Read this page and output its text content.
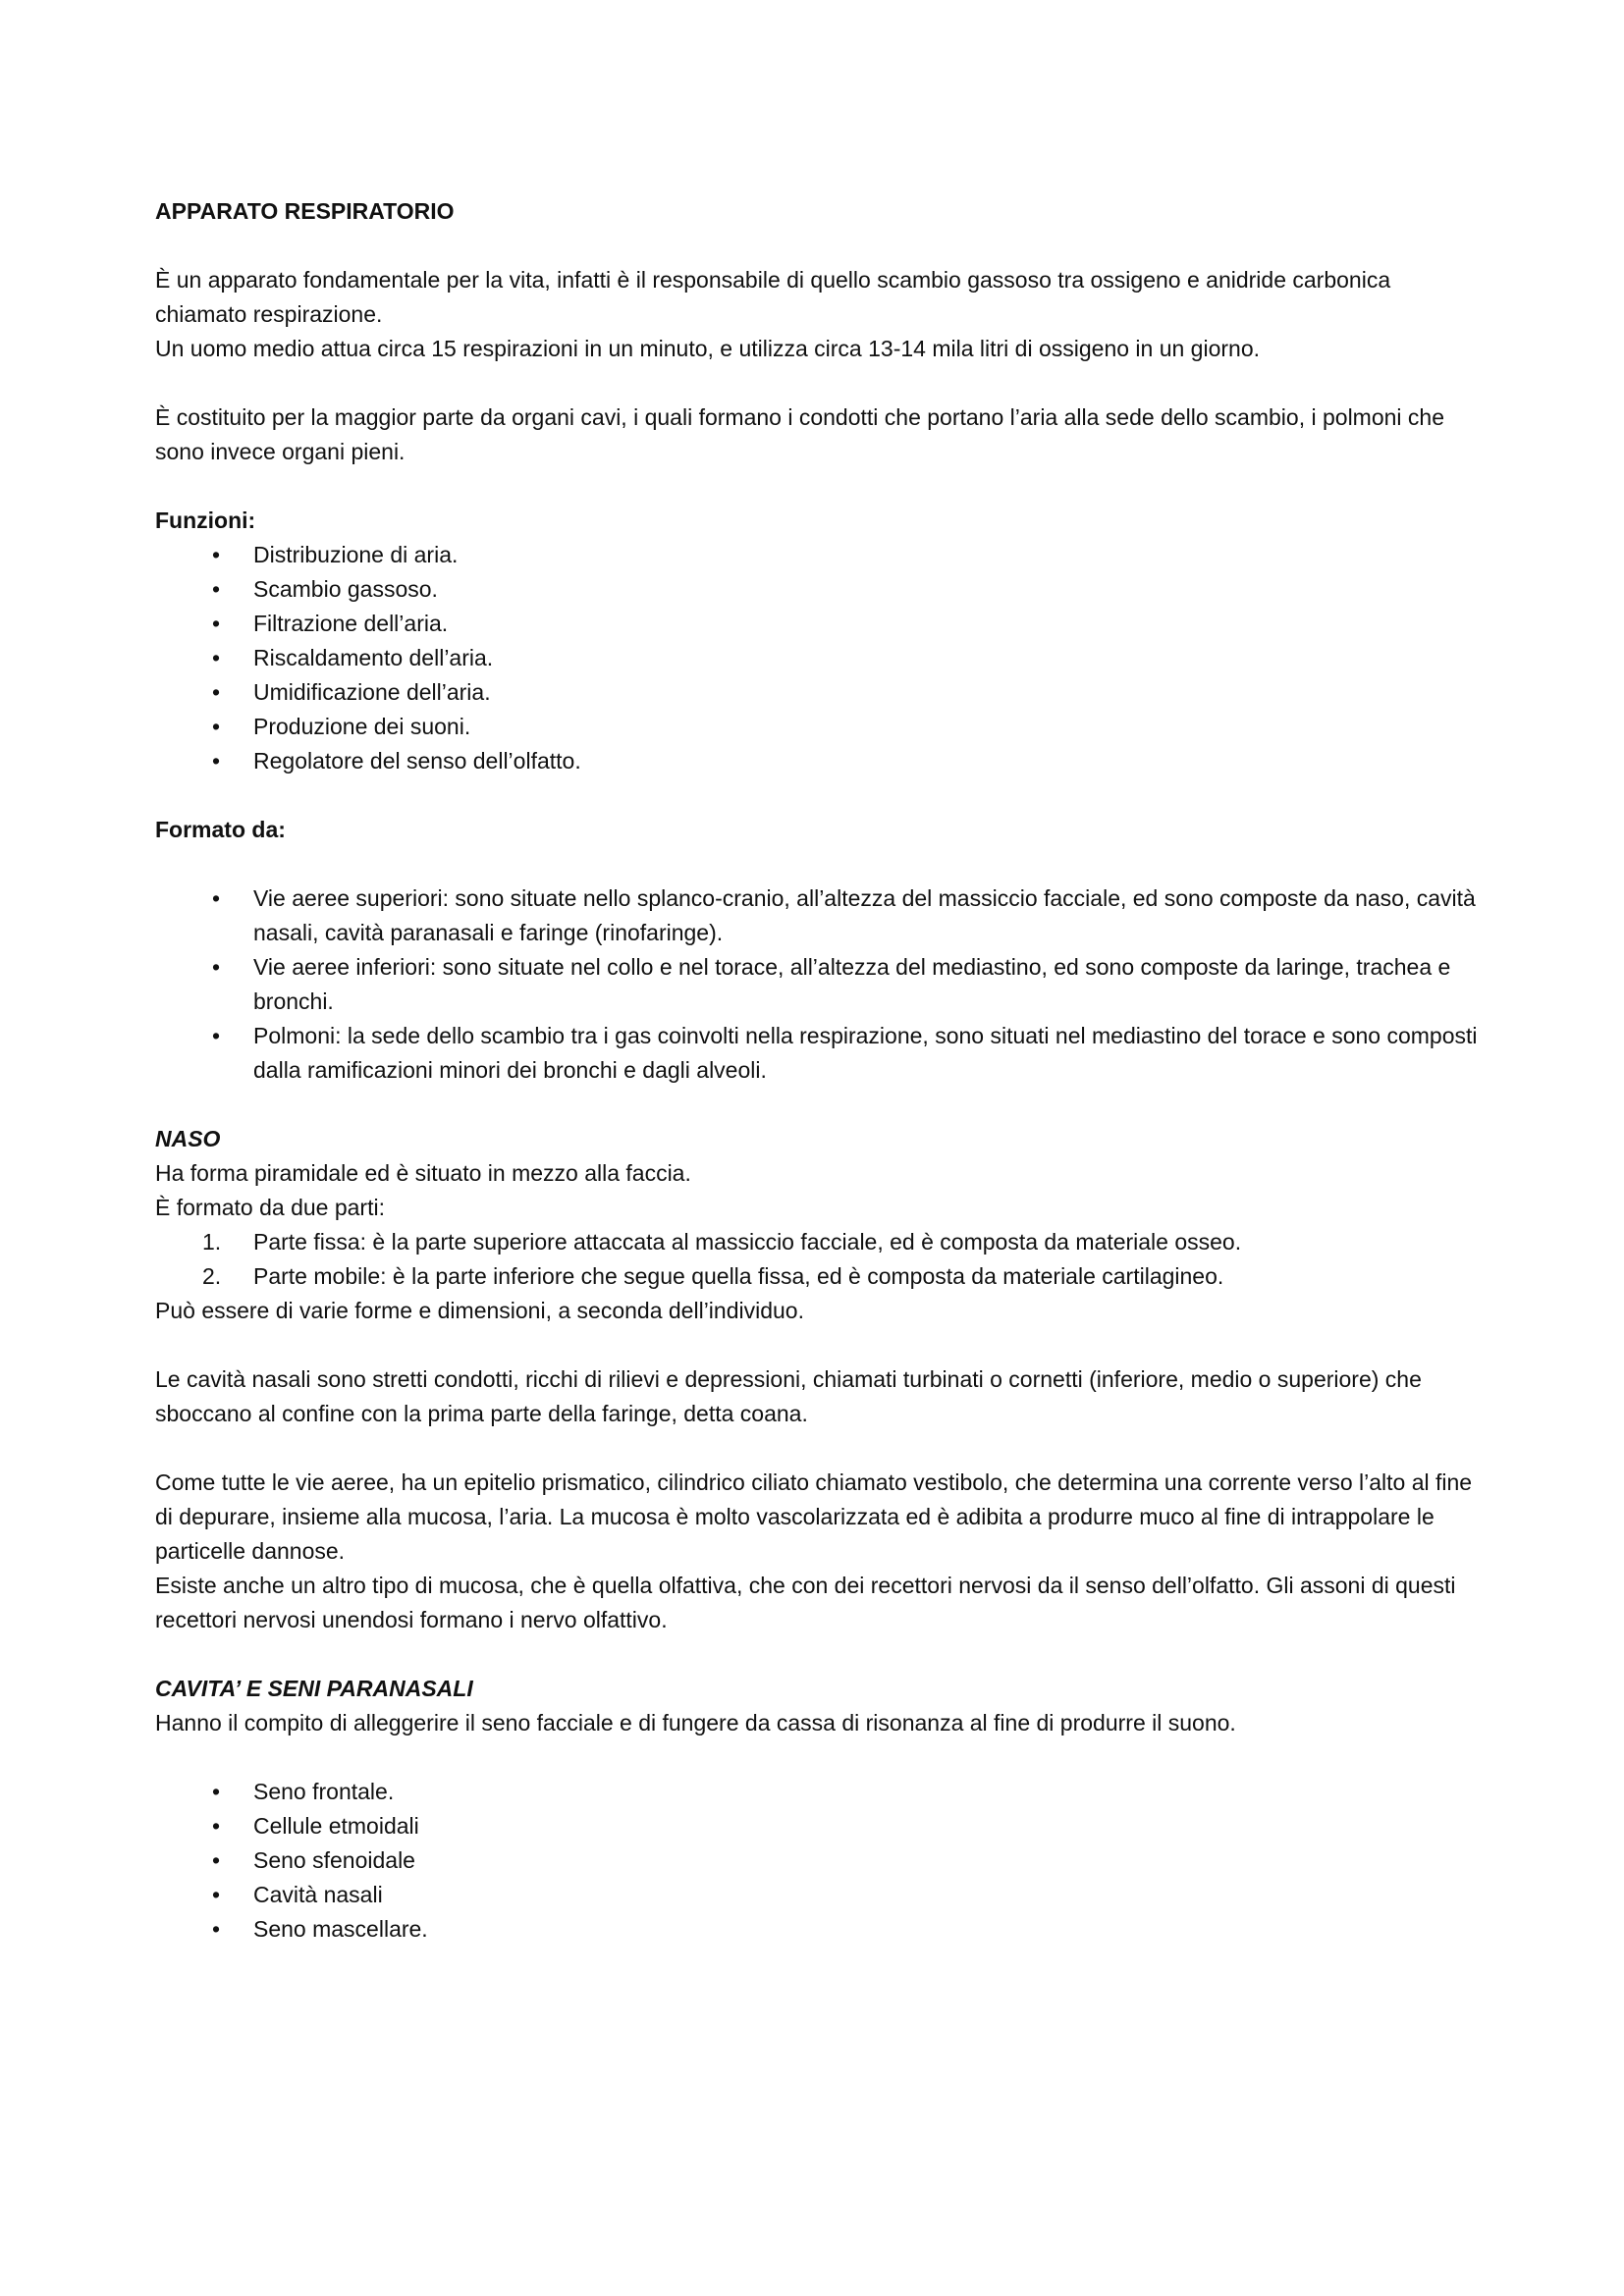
APPARATO RESPIRATORIO

È un apparato fondamentale per la vita, infatti è il responsabile di quello scambio gassoso tra ossigeno e anidride carbonica chiamato respirazione.

Un uomo medio attua circa 15 respirazioni in un minuto, e utilizza circa 13-14 mila litri di ossigeno in un giorno.

È costituito per la maggior parte da organi cavi, i quali formano i condotti che portano l’aria alla sede dello scambio, i polmoni che sono invece organi pieni.

Funzioni:

• Distribuzione di aria.
• Scambio gassoso.
• Filtrazione dell’aria.
• Riscaldamento dell’aria.
• Umidificazione dell’aria.
• Produzione dei suoni.
• Regolatore del senso dell’olfatto.

Formato da:

• Vie aeree superiori: sono situate nello splanco-cranio, all’altezza del massiccio facciale, ed sono composte da naso, cavità nasali, cavità paranasali e faringe (rinofaringe).
• Vie aeree inferiori: sono situate nel collo e nel torace, all’altezza del mediastino, ed sono composte da laringe, trachea e bronchi.
• Polmoni: la sede dello scambio tra i gas coinvolti nella respirazione, sono situati nel mediastino del torace e sono composti dalla ramificazioni minori dei bronchi e dagli alveoli.

NASO

Ha forma piramidale ed è situato in mezzo alla faccia.

È formato da due parti:

1.	Parte fissa: è la parte superiore attaccata al massiccio facciale, ed è composta da materiale osseo.
2.	Parte mobile: è la parte inferiore che segue quella fissa, ed è composta da materiale cartilagineo.

Può essere di varie forme e dimensioni, a seconda dell’individuo.

Le cavità nasali sono stretti condotti, ricchi di rilievi e depressioni, chiamati turbinati o cornetti (inferiore, medio o superiore) che sboccano al confine con la prima parte della faringe, detta coana.

Come tutte le vie aeree, ha un epitelio prismatico, cilindrico ciliato chiamato vestibolo, che determina una corrente verso l’alto al fine di depurare, insieme alla mucosa, l’aria. La mucosa è molto vascolarizzata ed è adibita a produrre muco al fine di intrappolare le particelle dannose.

Esiste anche un altro tipo di mucosa, che è quella olfattiva, che con dei recettori nervosi da il senso dell’olfatto. Gli assoni di questi recettori nervosi unendosi formano i nervo olfattivo.

CAVITA’ E SENI PARANASALI

Hanno il compito di alleggerire il seno facciale e di fungere da cassa di risonanza al fine di produrre il suono.

• Seno frontale.
• Cellule etmoidali
• Seno sfenoidale
• Cavità nasali
• Seno mascellare.
